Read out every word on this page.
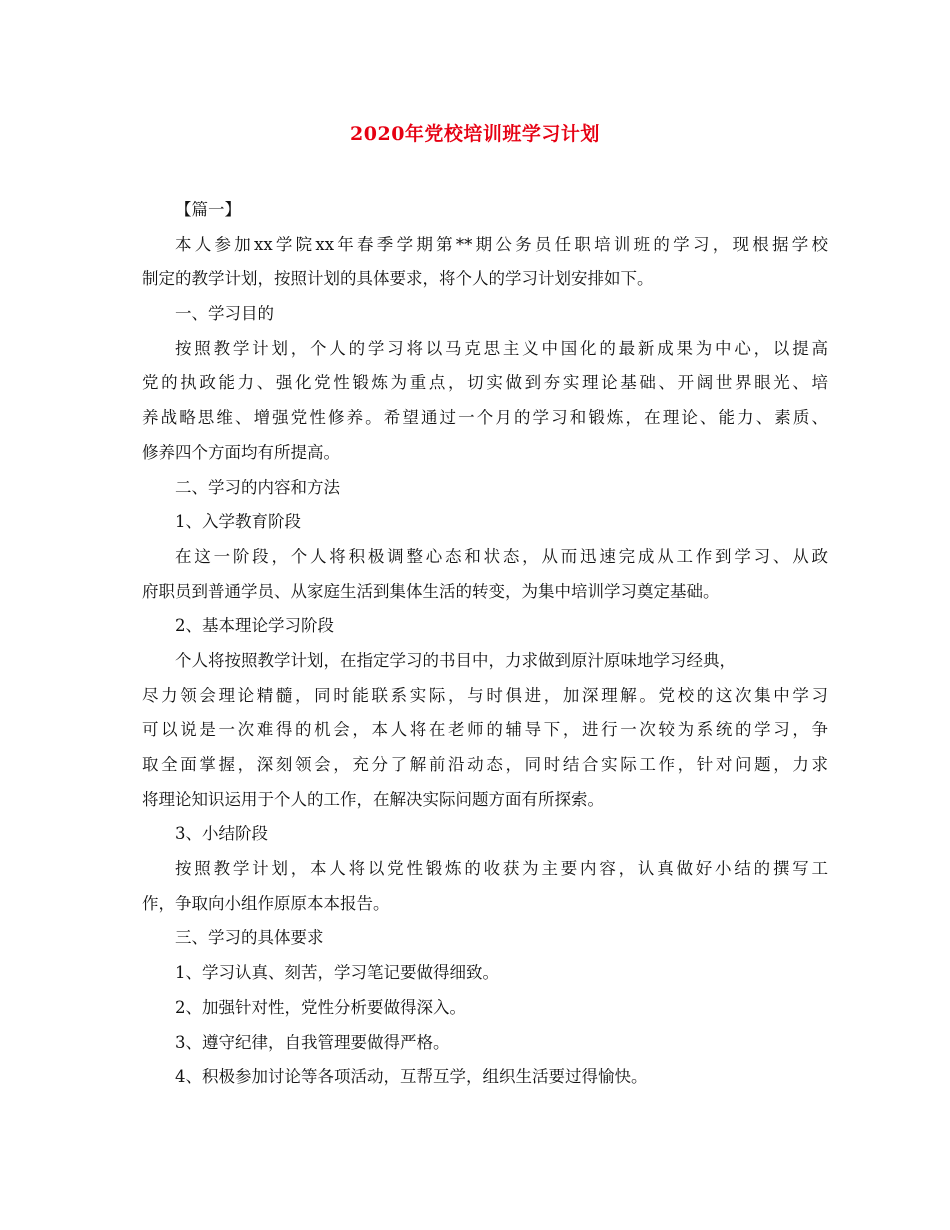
2020年党校培训班学习计划

【篇一】

本人参加xx学院xx年春季学期第**期公务员任职培训班的学习，现根据学校

制定的教学计划，按照计划的具体要求，将个人的学习计划安排如下。

一、学习目的

按照教学计划，个人的学习将以马克思主义中国化的最新成果为中心，以提高

党的执政能力、强化党性锻炼为重点，切实做到夯实理论基础、开阔世界眼光、培

养战略思维、增强党性修养。希望通过一个月的学习和锻炼，在理论、能力、素质、

修养四个方面均有所提高。

二、学习的内容和方法

1、入学教育阶段

在这一阶段，个人将积极调整心态和状态，从而迅速完成从工作到学习、从政

府职员到普通学员、从家庭生活到集体生活的转变，为集中培训学习奠定基础。

2、基本理论学习阶段

个人将按照教学计划，在指定学习的书目中，力求做到原汁原味地学习经典，

尽力领会理论精髓，同时能联系实际，与时俱进，加深理解。党校的这次集中学习

可以说是一次难得的机会，本人将在老师的辅导下，进行一次较为系统的学习，争

取全面掌握，深刻领会，充分了解前沿动态，同时结合实际工作，针对问题，力求

将理论知识运用于个人的工作，在解决实际问题方面有所探索。

3、小结阶段

按照教学计划，本人将以党性锻炼的收获为主要内容，认真做好小结的撰写工

作，争取向小组作原原本本报告。

三、学习的具体要求

1、学习认真、刻苦，学习笔记要做得细致。

2、加强针对性，党性分析要做得深入。

3、遵守纪律，自我管理要做得严格。

4、积极参加讨论等各项活动，互帮互学，组织生活要过得愉快。
